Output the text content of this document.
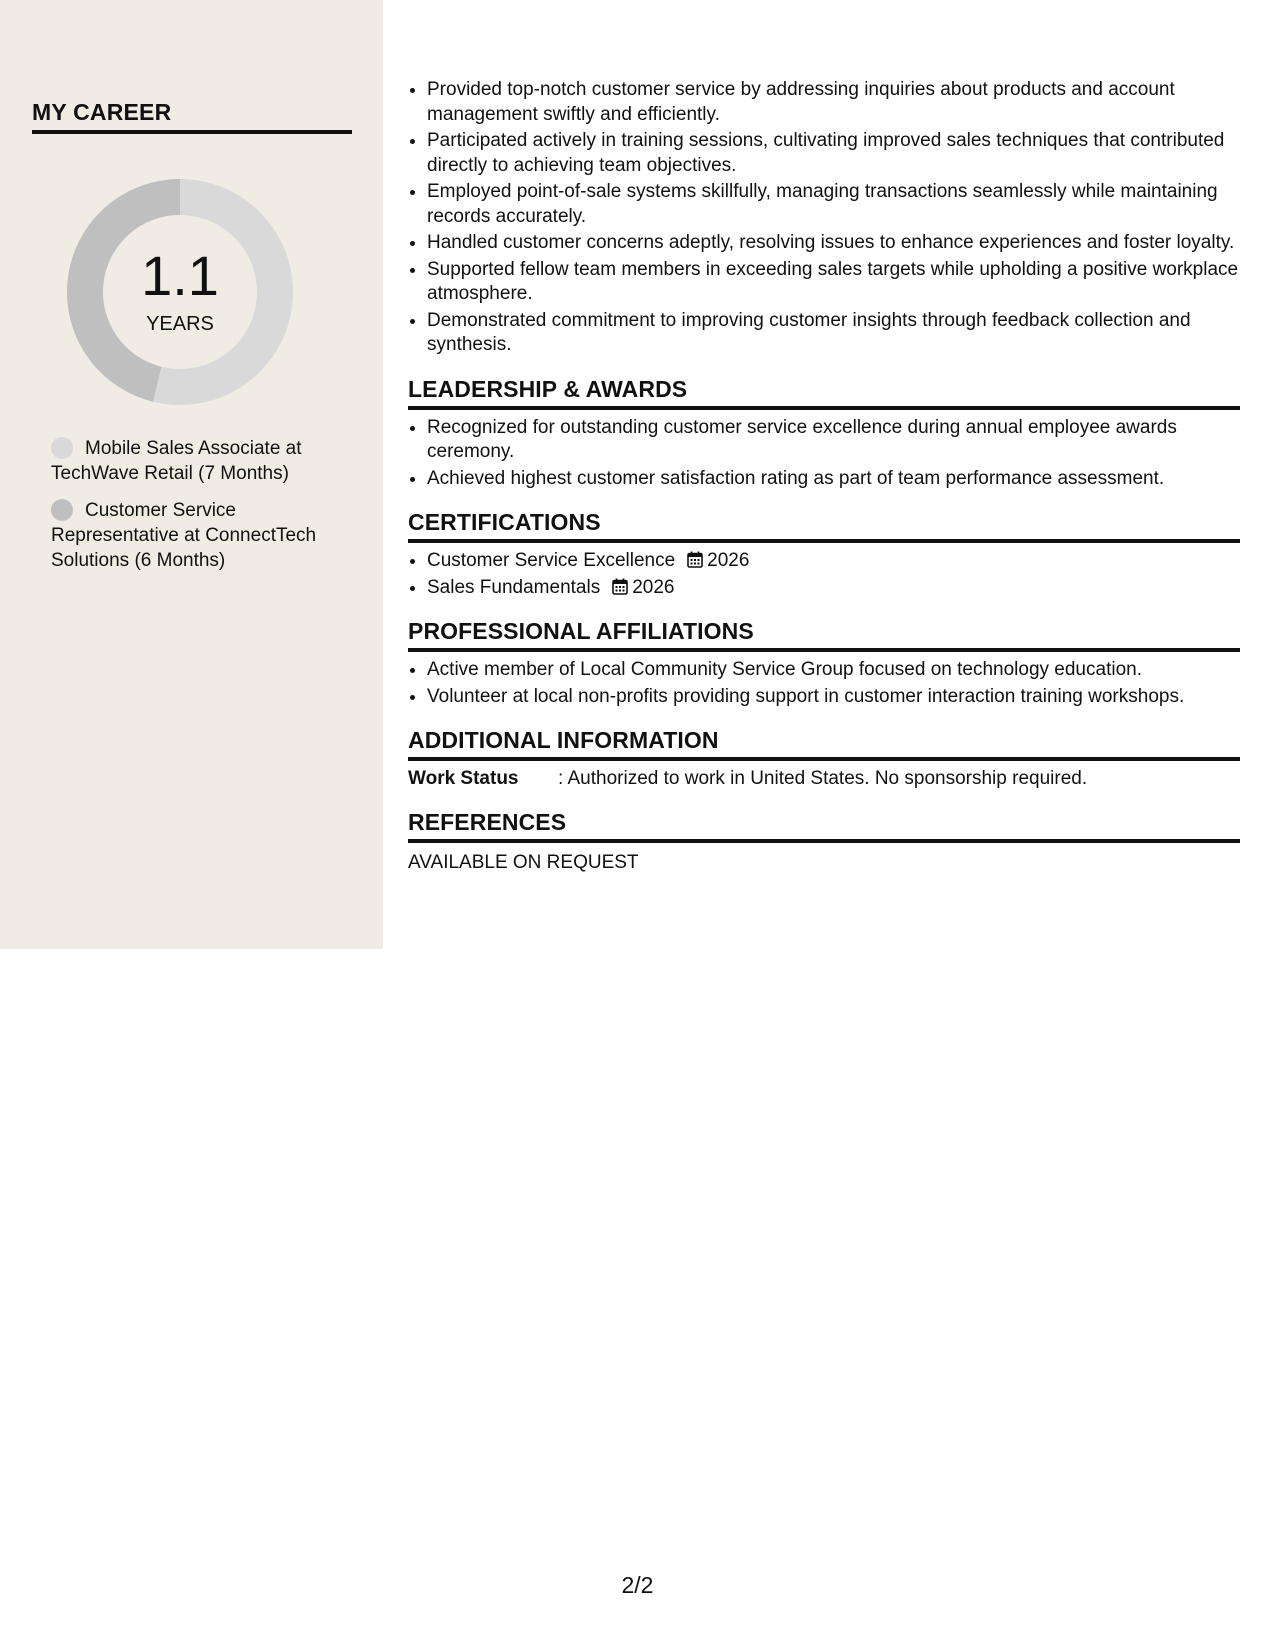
MY CAREER
1.1
YEARS
Mobile Sales Associate at TechWave Retail (7 Months)
Customer Service Representative at ConnectTech Solutions (6 Months)
• Provided top-notch customer service by addressing inquiries about products and account management swiftly and efficiently.
• Participated actively in training sessions, cultivating improved sales techniques that contributed directly to achieving team objectives.
• Employed point-of-sale systems skillfully, managing transactions seamlessly while maintaining records accurately.
• Handled customer concerns adeptly, resolving issues to enhance experiences and foster loyalty.
• Supported fellow team members in exceeding sales targets while upholding a positive workplace atmosphere.
• Demonstrated commitment to improving customer insights through feedback collection and synthesis.
LEADERSHIP & AWARDS
• Recognized for outstanding customer service excellence during annual employee awards ceremony.
• Achieved highest customer satisfaction rating as part of team performance assessment.
CERTIFICATIONS
• Customer Service Excellence 2026
• Sales Fundamentals 2026
PROFESSIONAL AFFILIATIONS
• Active member of Local Community Service Group focused on technology education.
• Volunteer at local non-profits providing support in customer interaction training workshops.
ADDITIONAL INFORMATION
Work Status	: Authorized to work in United States. No sponsorship required.
REFERENCES
AVAILABLE ON REQUEST
2/2
